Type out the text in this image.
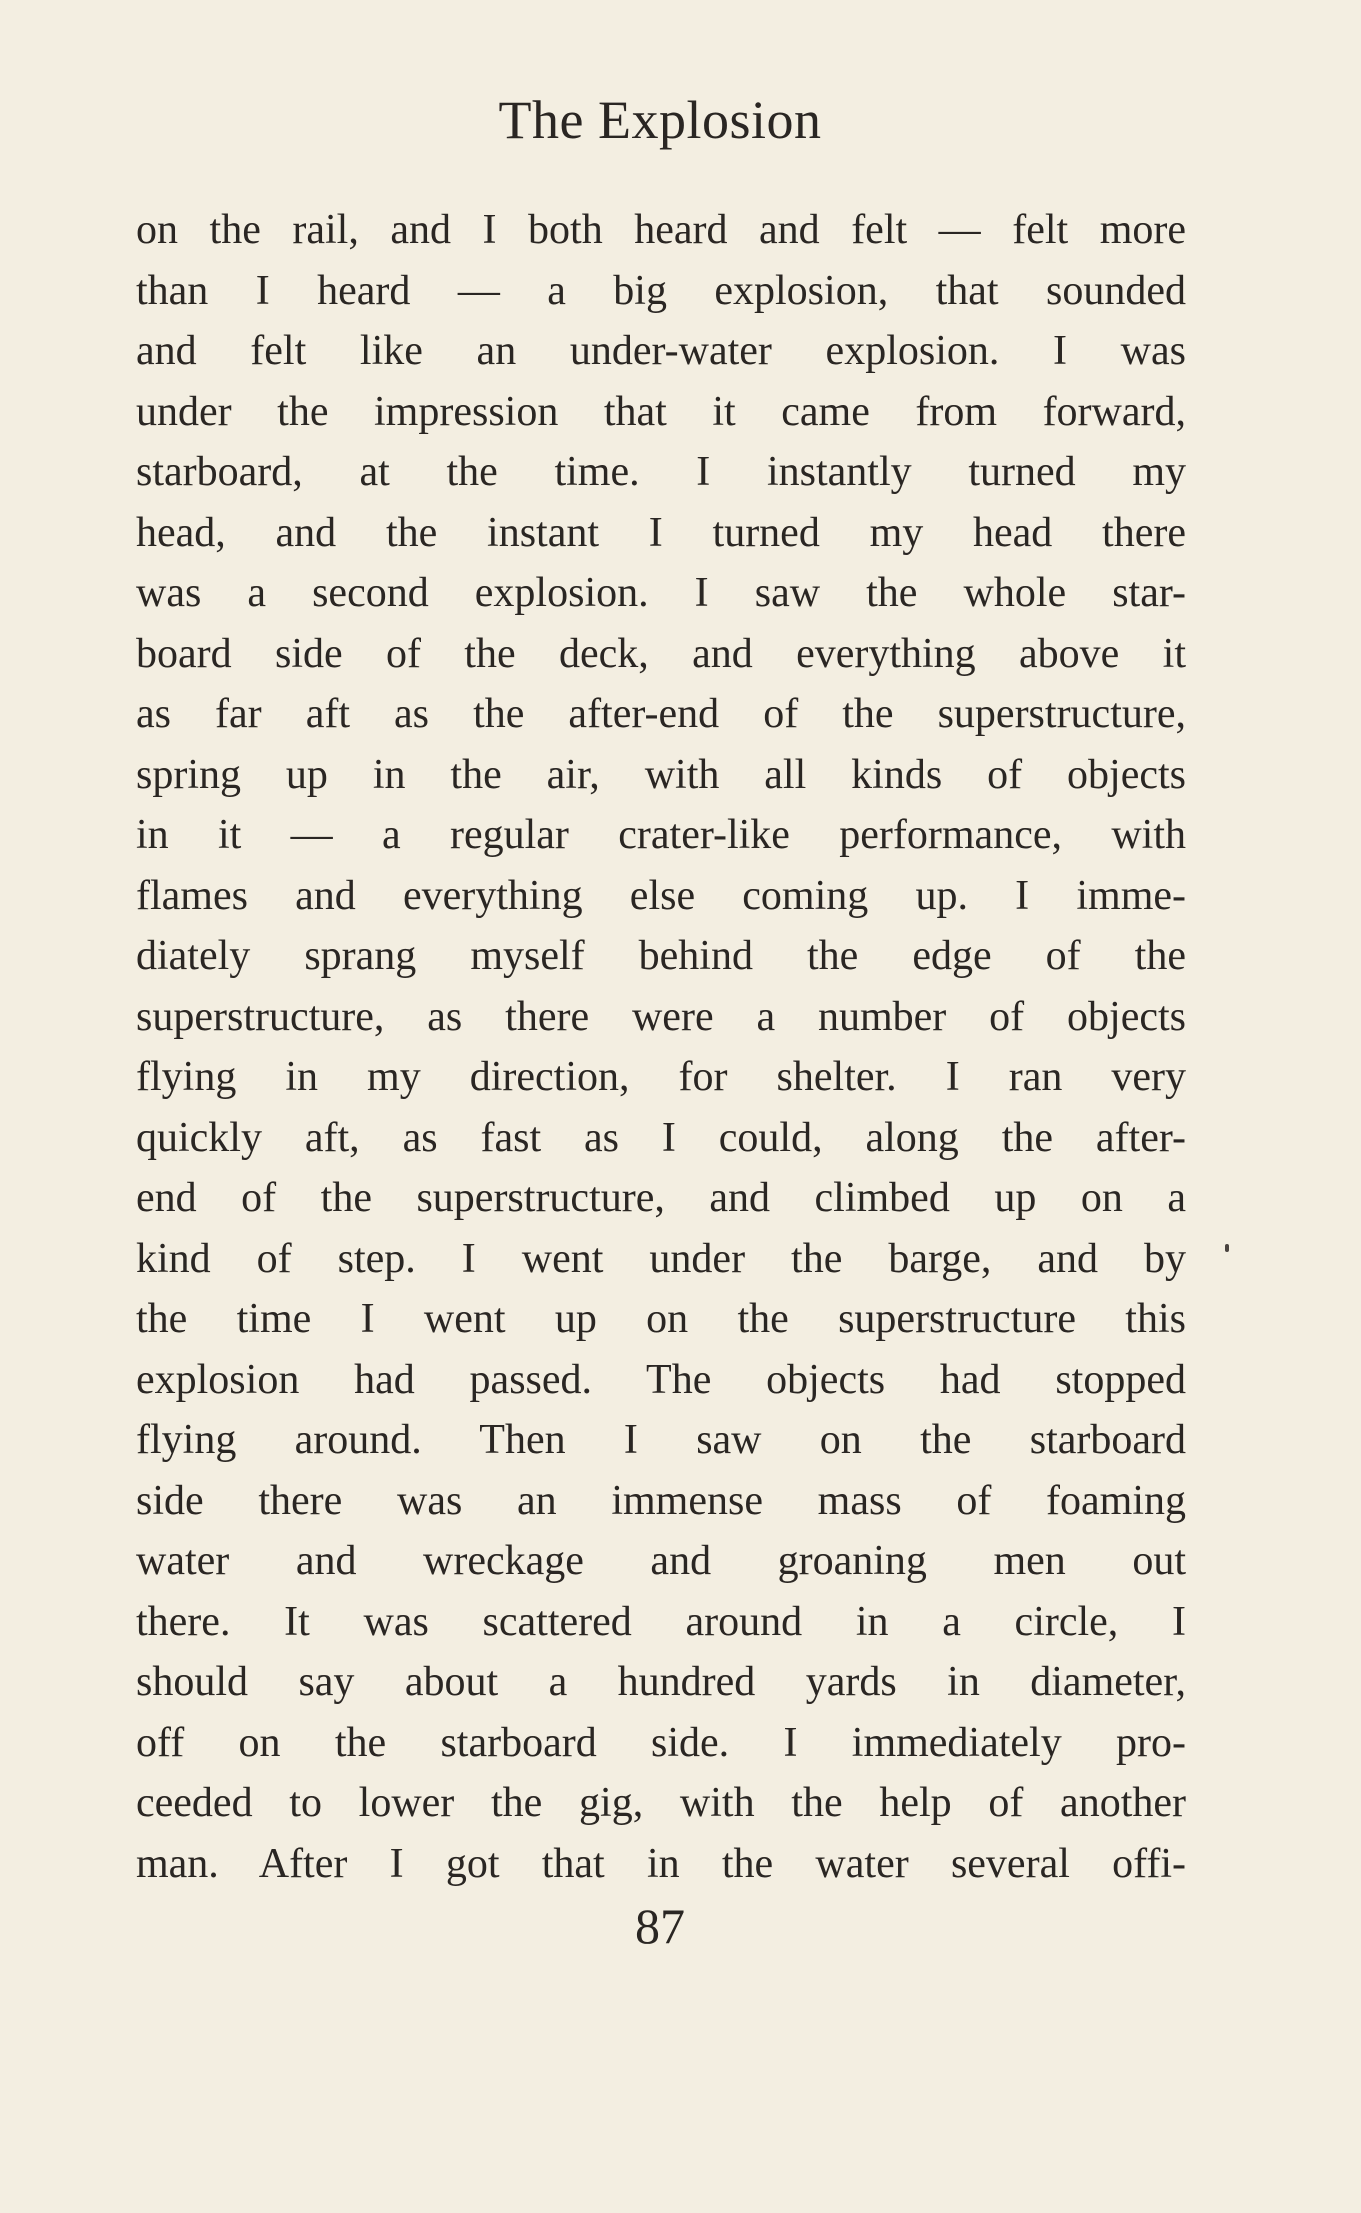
The Explosion
on the rail, and I both heard and felt — felt more
than I heard — a big explosion, that sounded
and felt like an under-water explosion. I was
under the impression that it came from forward,
starboard, at the time. I instantly turned my
head, and the instant I turned my head there
was a second explosion. I saw the whole star-
board side of the deck, and everything above it
as far aft as the after-end of the superstructure,
spring up in the air, with all kinds of objects
in it — a regular crater-like performance, with
flames and everything else coming up. I imme-
diately sprang myself behind the edge of the
superstructure, as there were a number of objects
flying in my direction, for shelter. I ran very
quickly aft, as fast as I could, along the after-
end of the superstructure, and climbed up on a
kind of step. I went under the barge, and by
the time I went up on the superstructure this
explosion had passed. The objects had stopped
flying around. Then I saw on the starboard
side there was an immense mass of foaming
water and wreckage and groaning men out
there. It was scattered around in a circle, I
should say about a hundred yards in diameter,
off on the starboard side. I immediately pro-
ceeded to lower the gig, with the help of another
man. After I got that in the water several offi-
87
